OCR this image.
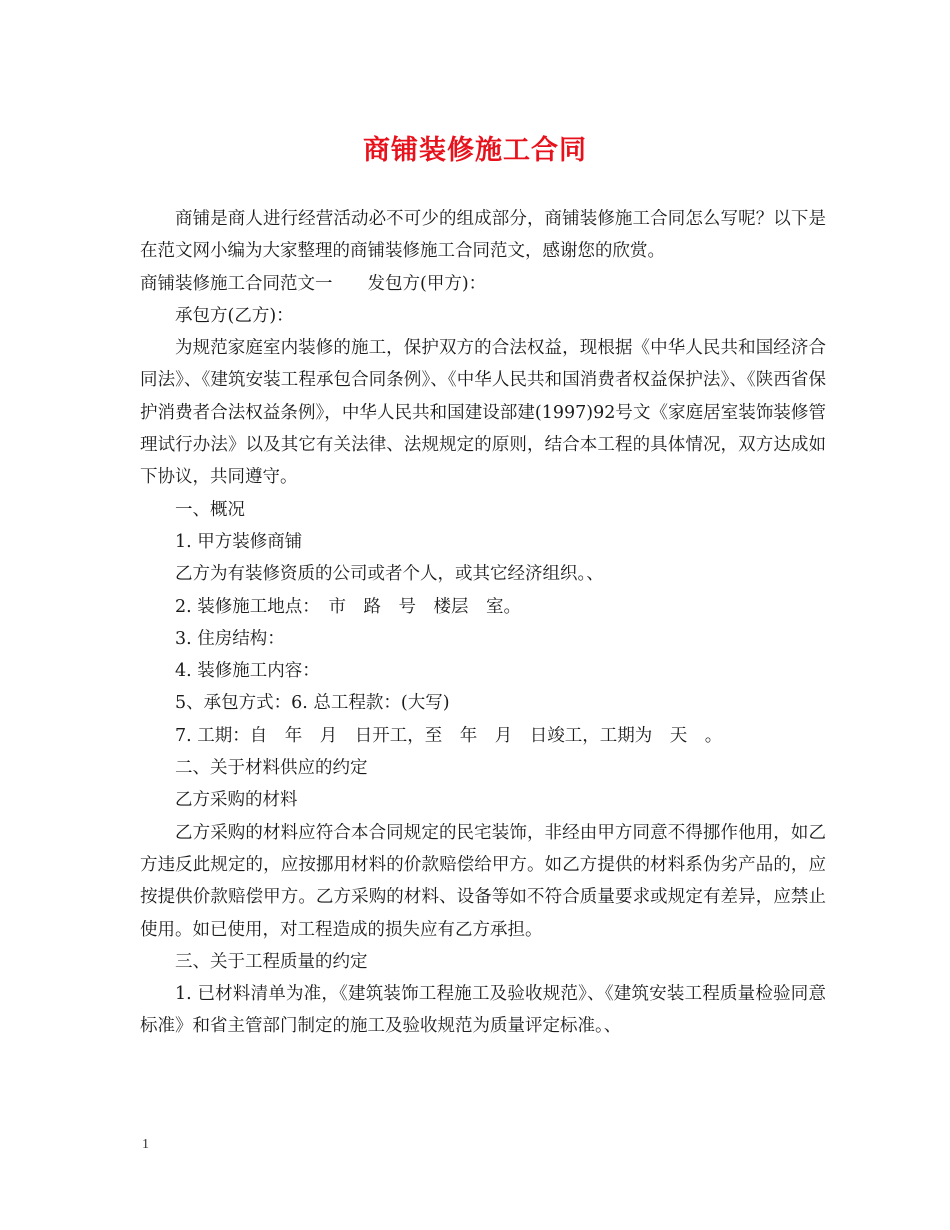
商铺装修施工合同

商铺是商人进行经营活动必不可少的组成部分，商铺装修施工合同怎么写呢？以下是在范文网小编为大家整理的商铺装修施工合同范文，感谢您的欣赏。

商铺装修施工合同范文一　　发包方(甲方)：

承包方(乙方)：

为规范家庭室内装修的施工，保护双方的合法权益，现根据《中华人民共和国经济合同法》、《建筑安装工程承包合同条例》、《中华人民共和国消费者权益保护法》、《陕西省保护消费者合法权益条例》，中华人民共和国建设部建(1997)92号文《家庭居室装饰装修管理试行办法》以及其它有关法律、法规规定的原则，结合本工程的具体情况，双方达成如下协议，共同遵守。

一、概况

1. 甲方装修商铺

乙方为有装修资质的公司或者个人，或其它经济组织。、

2. 装修施工地点：　市　路　号　楼层　室。

3. 住房结构：

4. 装修施工内容：

5、承包方式：6. 总工程款：(大写)

7. 工期：自　年　月　日开工，至　年　月　日竣工，工期为　天　。

二、关于材料供应的约定

乙方采购的材料

乙方采购的材料应符合本合同规定的民宅装饰，非经由甲方同意不得挪作他用，如乙方违反此规定的，应按挪用材料的价款赔偿给甲方。如乙方提供的材料系伪劣产品的，应按提供价款赔偿甲方。乙方采购的材料、设备等如不符合质量要求或规定有差异，应禁止使用。如已使用，对工程造成的损失应有乙方承担。

三、关于工程质量的约定

1. 已材料清单为准，《建筑装饰工程施工及验收规范》、《建筑安装工程质量检验同意标准》和省主管部门制定的施工及验收规范为质量评定标准。、

1
